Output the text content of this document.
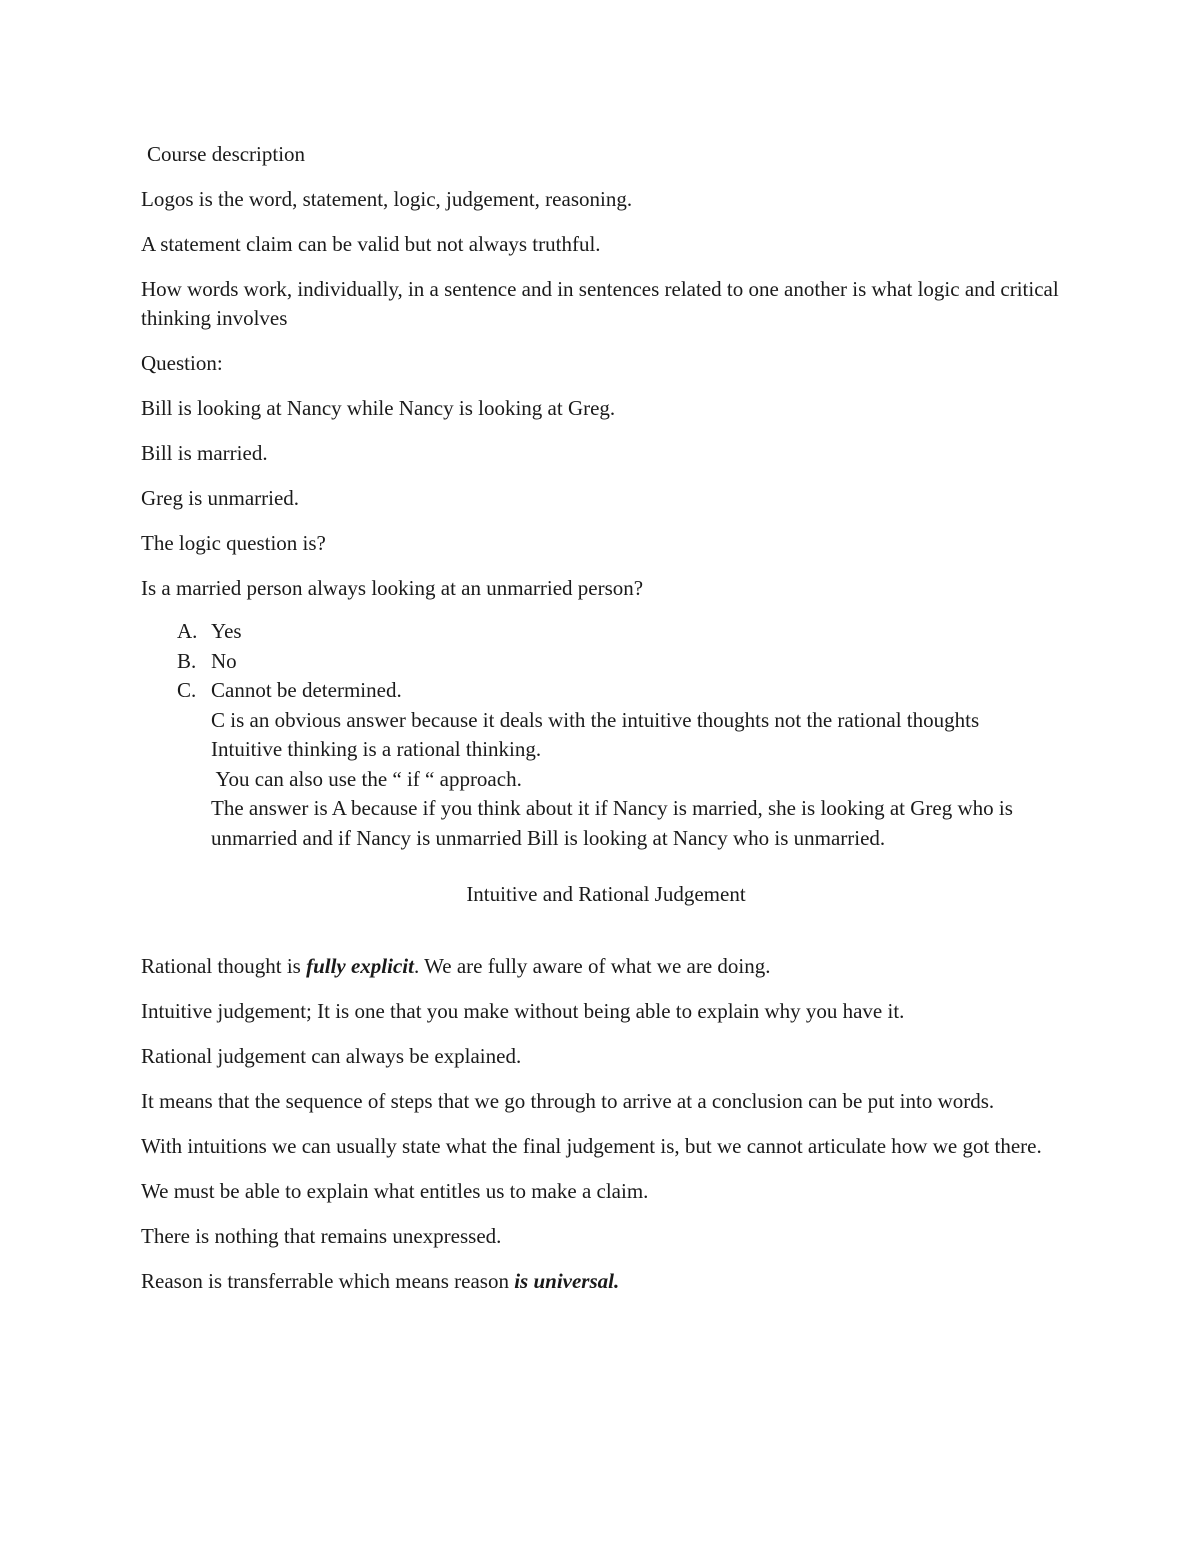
Course description

Logos is the word, statement, logic, judgement, reasoning.

A statement claim can be valid but not always truthful.

How words work, individually, in a sentence and in sentences related to one another is what logic and critical thinking involves

Question:

Bill is looking at Nancy while Nancy is looking at Greg.

Bill is married.

Greg is unmarried.

The logic question is?

Is a married person always looking at an unmarried person?

A. Yes
B. No
C. Cannot be determined.

C is an obvious answer because it deals with the intuitive thoughts not the rational thoughts

Intuitive thinking is a rational thinking.

You can also use the “ if “ approach.

The answer is A because if you think about it if Nancy is married, she is looking at Greg who is unmarried and if Nancy is unmarried Bill is looking at Nancy who is unmarried.

Intuitive and Rational Judgement

Rational thought is fully explicit. We are fully aware of what we are doing.

Intuitive judgement; It is one that you make without being able to explain why you have it.

Rational judgement can always be explained.

It means that the sequence of steps that we go through to arrive at a conclusion can be put into words.

With intuitions we can usually state what the final judgement is, but we cannot articulate how we got there.

We must be able to explain what entitles us to make a claim.

There is nothing that remains unexpressed.

Reason is transferrable which means reason is universal.
